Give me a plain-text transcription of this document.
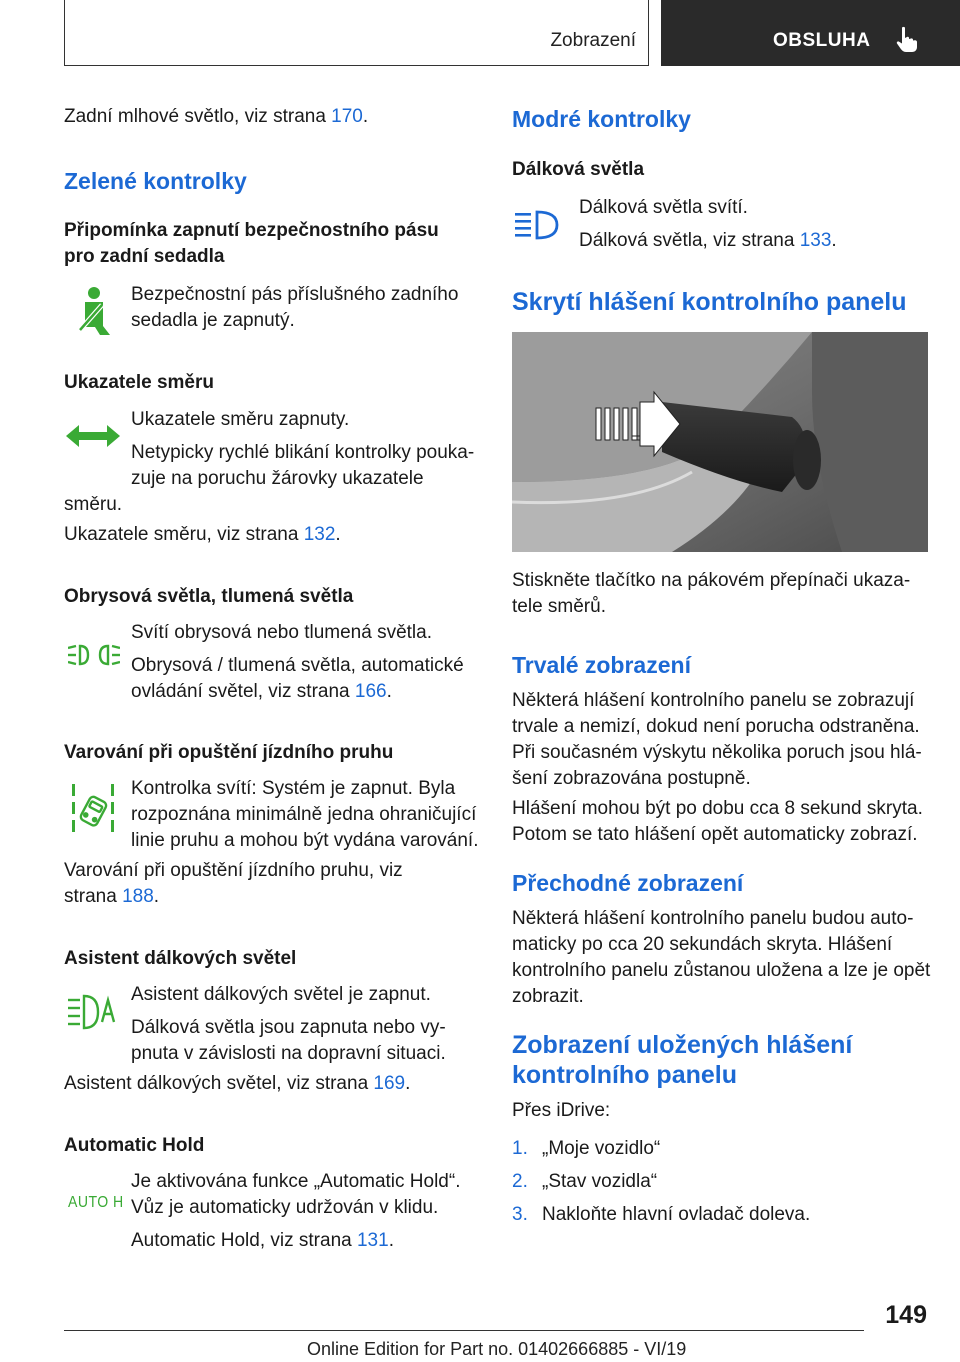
Zobrazení	OBSLUHA
Zadní mlhové světlo, viz strana 170.
Zelené kontrolky
Připomínka zapnutí bezpečnostního pásu
pro zadní sedadla
Bezpečnostní pás příslušného zadního
sedadla je zapnutý.
Ukazatele směru
Ukazatele směru zapnuty.
Netypicky rychlé blikání kontrolky pouka-
zuje na poruchu žárovky ukazatele
směru.
Ukazatele směru, viz strana 132.
Obrysová světla, tlumená světla
Svítí obrysová nebo tlumená světla.
Obrysová / tlumená světla, automatické
ovládání světel, viz strana 166.
Varování při opuštění jízdního pruhu
Kontrolka svítí: Systém je zapnut. Byla
rozpoznána minimálně jedna ohraničující
linie pruhu a mohou být vydána varování.
Varování při opuštění jízdního pruhu, viz
strana 188.
Asistent dálkových světel
Asistent dálkových světel je zapnut.
Dálková světla jsou zapnuta nebo vy-
pnuta v závislosti na dopravní situaci.
Asistent dálkových světel, viz strana 169.
Automatic Hold
AUTO H
Je aktivována funkce „Automatic Hold“.
Vůz je automaticky udržován v klidu.
Automatic Hold, viz strana 131.
Modré kontrolky
Dálková světla
Dálková světla svítí.
Dálková světla, viz strana 133.
Skrytí hlášení kontrolního panelu
Stiskněte tlačítko na pákovém přepínači ukaza-
tele směrů.
Trvalé zobrazení
Některá hlášení kontrolního panelu se zobrazují
trvale a nemizí, dokud není porucha odstraněna.
Při současném výskytu několika poruch jsou hlá-
šení zobrazována postupně.
Hlášení mohou být po dobu cca 8 sekund skryta.
Potom se tato hlášení opět automaticky zobrazí.
Přechodné zobrazení
Některá hlášení kontrolního panelu budou auto-
maticky po cca 20 sekundách skryta. Hlášení
kontrolního panelu zůstanou uložena a lze je opět
zobrazit.
Zobrazení uložených hlášení
kontrolního panelu
Přes iDrive:
1. „Moje vozidlo“
2. „Stav vozidla“
3. Nakloňte hlavní ovladač doleva.
149
Online Edition for Part no. 01402666885 - VI/19
